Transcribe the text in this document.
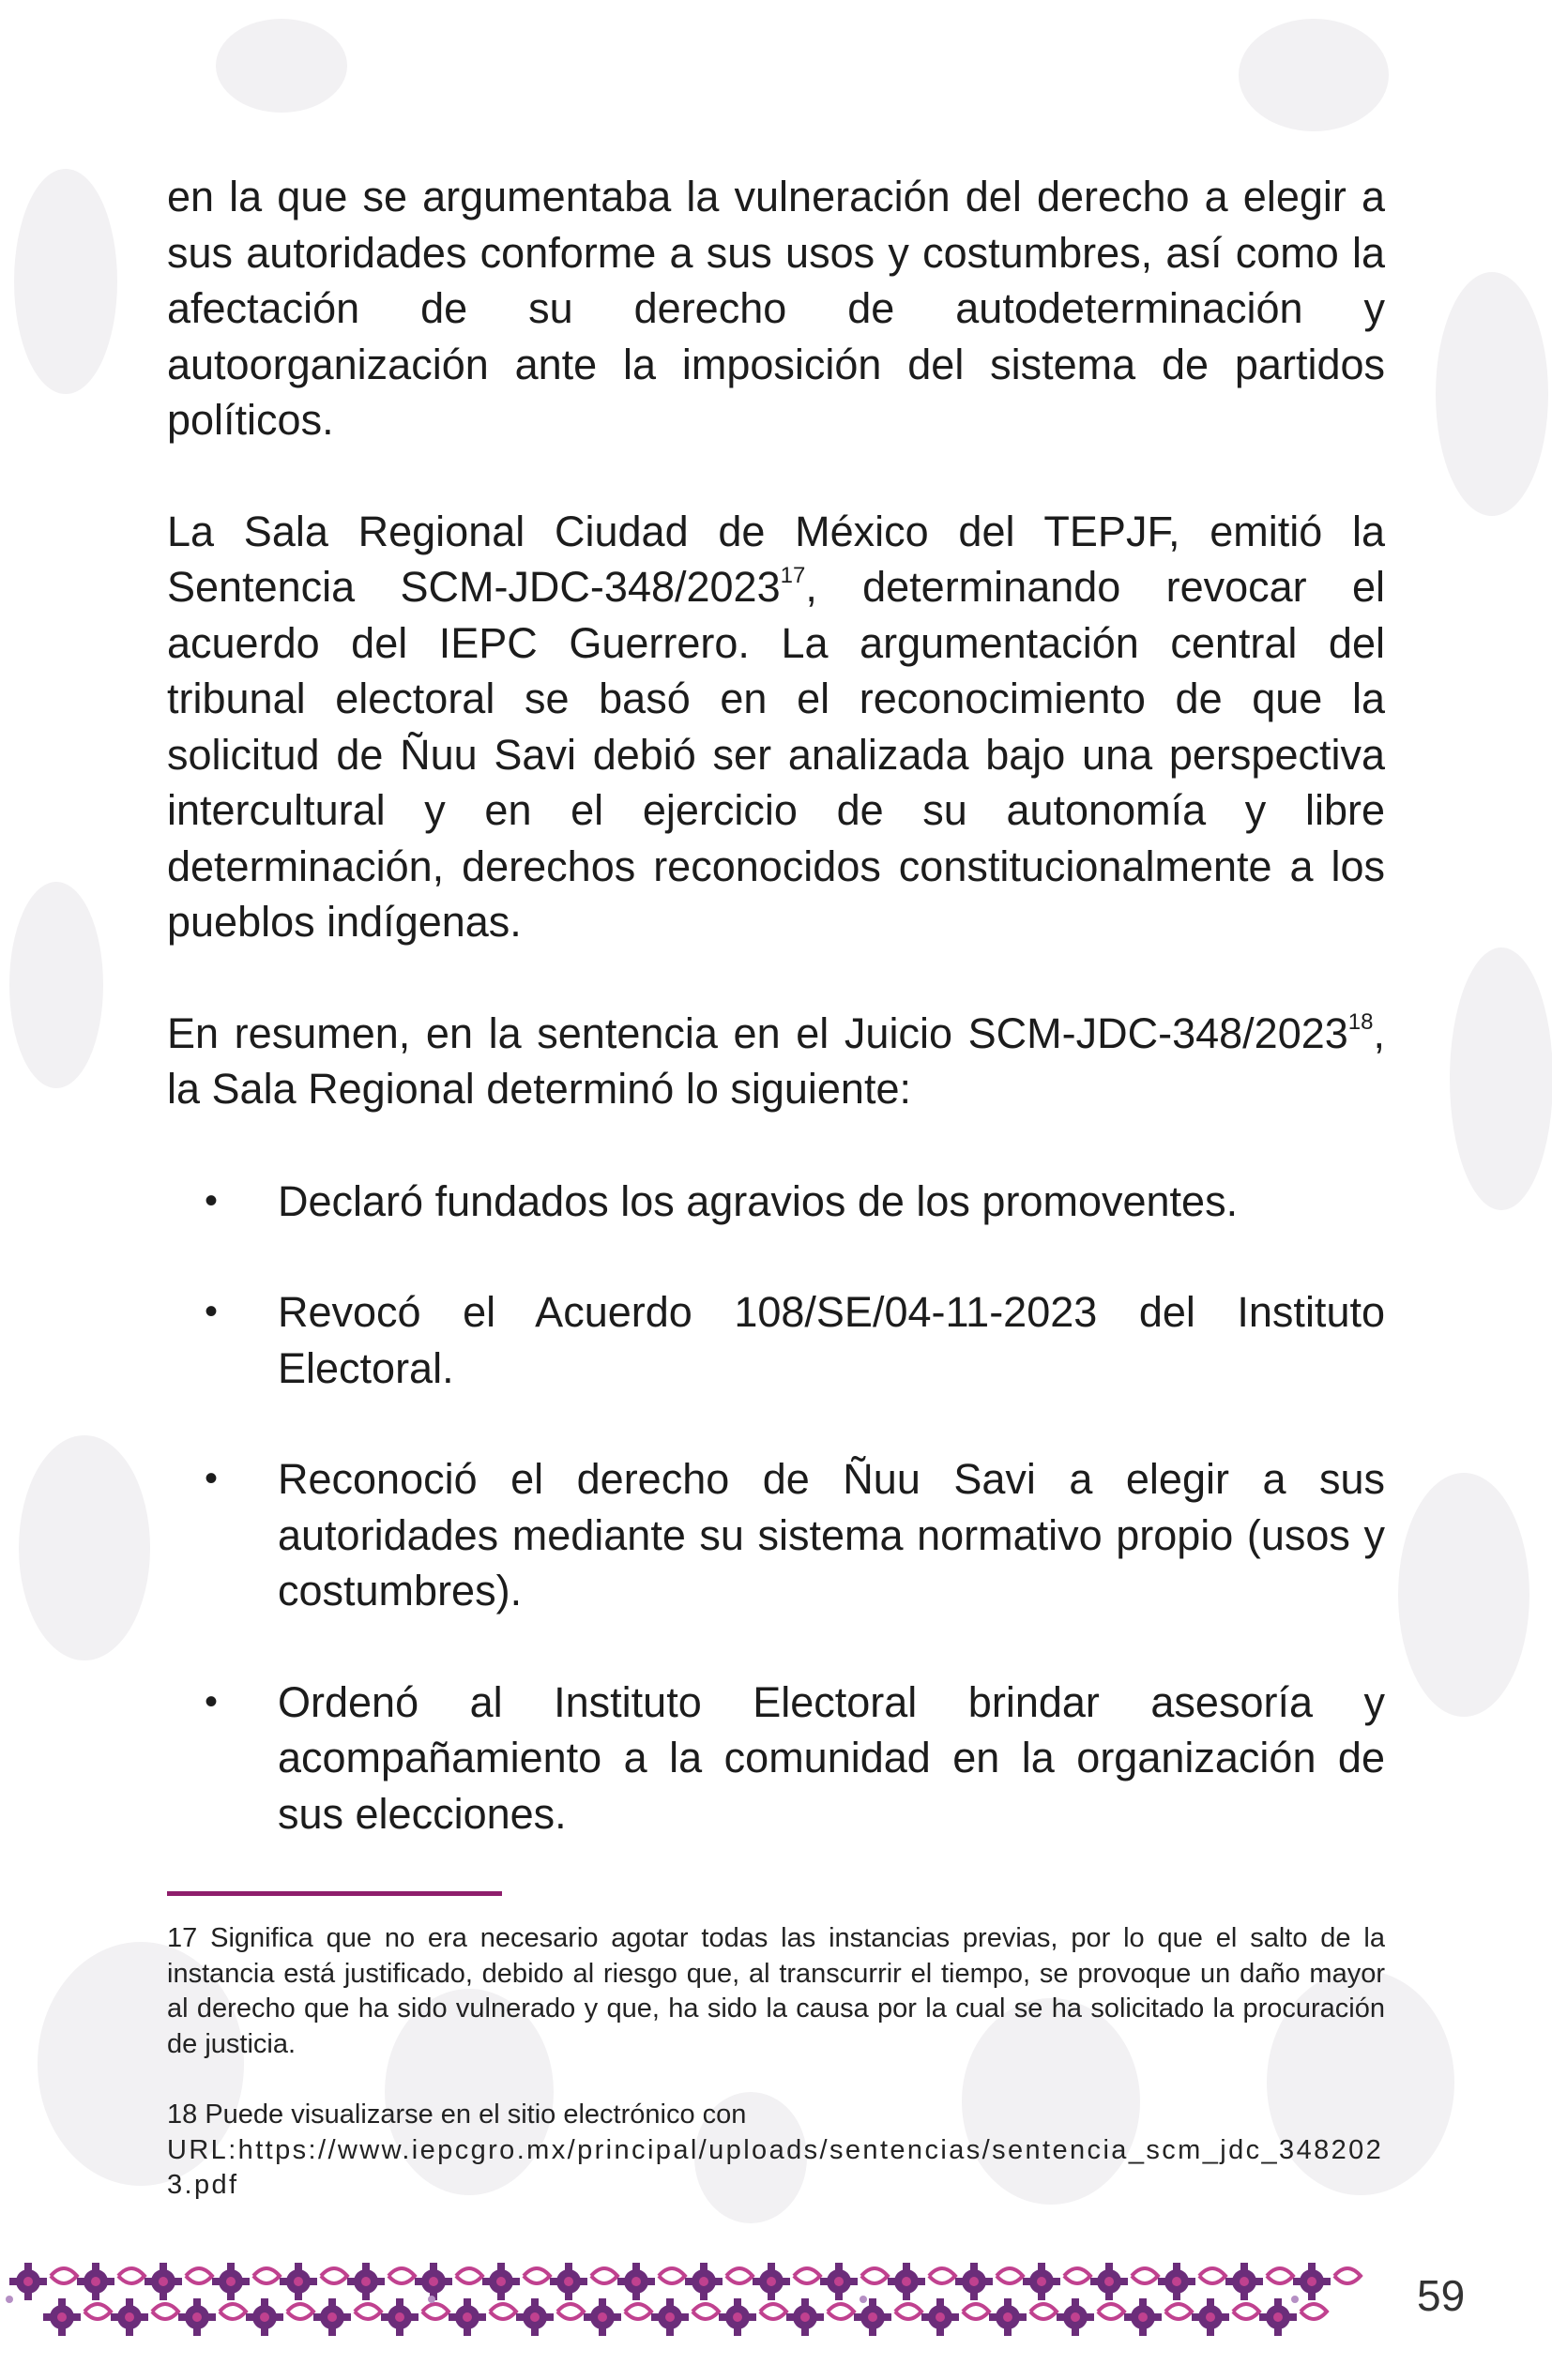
en la que se argumentaba la vulneración del derecho a elegir a sus autoridades conforme a sus usos y costumbres, así como la afectación de su derecho de autodeterminación y autoorganización ante la imposición del sistema de partidos políticos.

La Sala Regional Ciudad de México del TEPJF, emitió la Sentencia SCM-JDC-348/2023$^{17}$, determinando revocar el acuerdo del IEPC Guerrero. La argumentación central del tribunal electoral se basó en el reconocimiento de que la solicitud de Ñuu Savi debió ser analizada bajo una perspectiva intercultural y en el ejercicio de su autonomía y libre determinación, derechos reconocidos constitucionalmente a los pueblos indígenas.

En resumen, en la sentencia en el Juicio SCM-JDC-348/2023$^{18}$, la Sala Regional determinó lo siguiente:

• Declaró fundados los agravios de los promoventes.
• Revocó el Acuerdo 108/SE/04-11-2023 del Instituto Electoral.
• Reconoció el derecho de Ñuu Savi a elegir a sus autoridades mediante su sistema normativo propio (usos y costumbres).
• Ordenó al Instituto Electoral brindar asesoría y acompañamiento a la comunidad en la organización de sus elecciones.

17 Significa que no era necesario agotar todas las instancias previas, por lo que el salto de la instancia está justificado, debido al riesgo que, al transcurrir el tiempo, se provoque un daño mayor al derecho que ha sido vulnerado y que, ha sido la causa por la cual se ha solicitado la procuración de justicia.

18 Puede visualizarse en el sitio electrónico con
URL:https://www.iepcgro.mx/principal/uploads/sentencias/sentencia_scm_jdc_3482023.pdf

59
